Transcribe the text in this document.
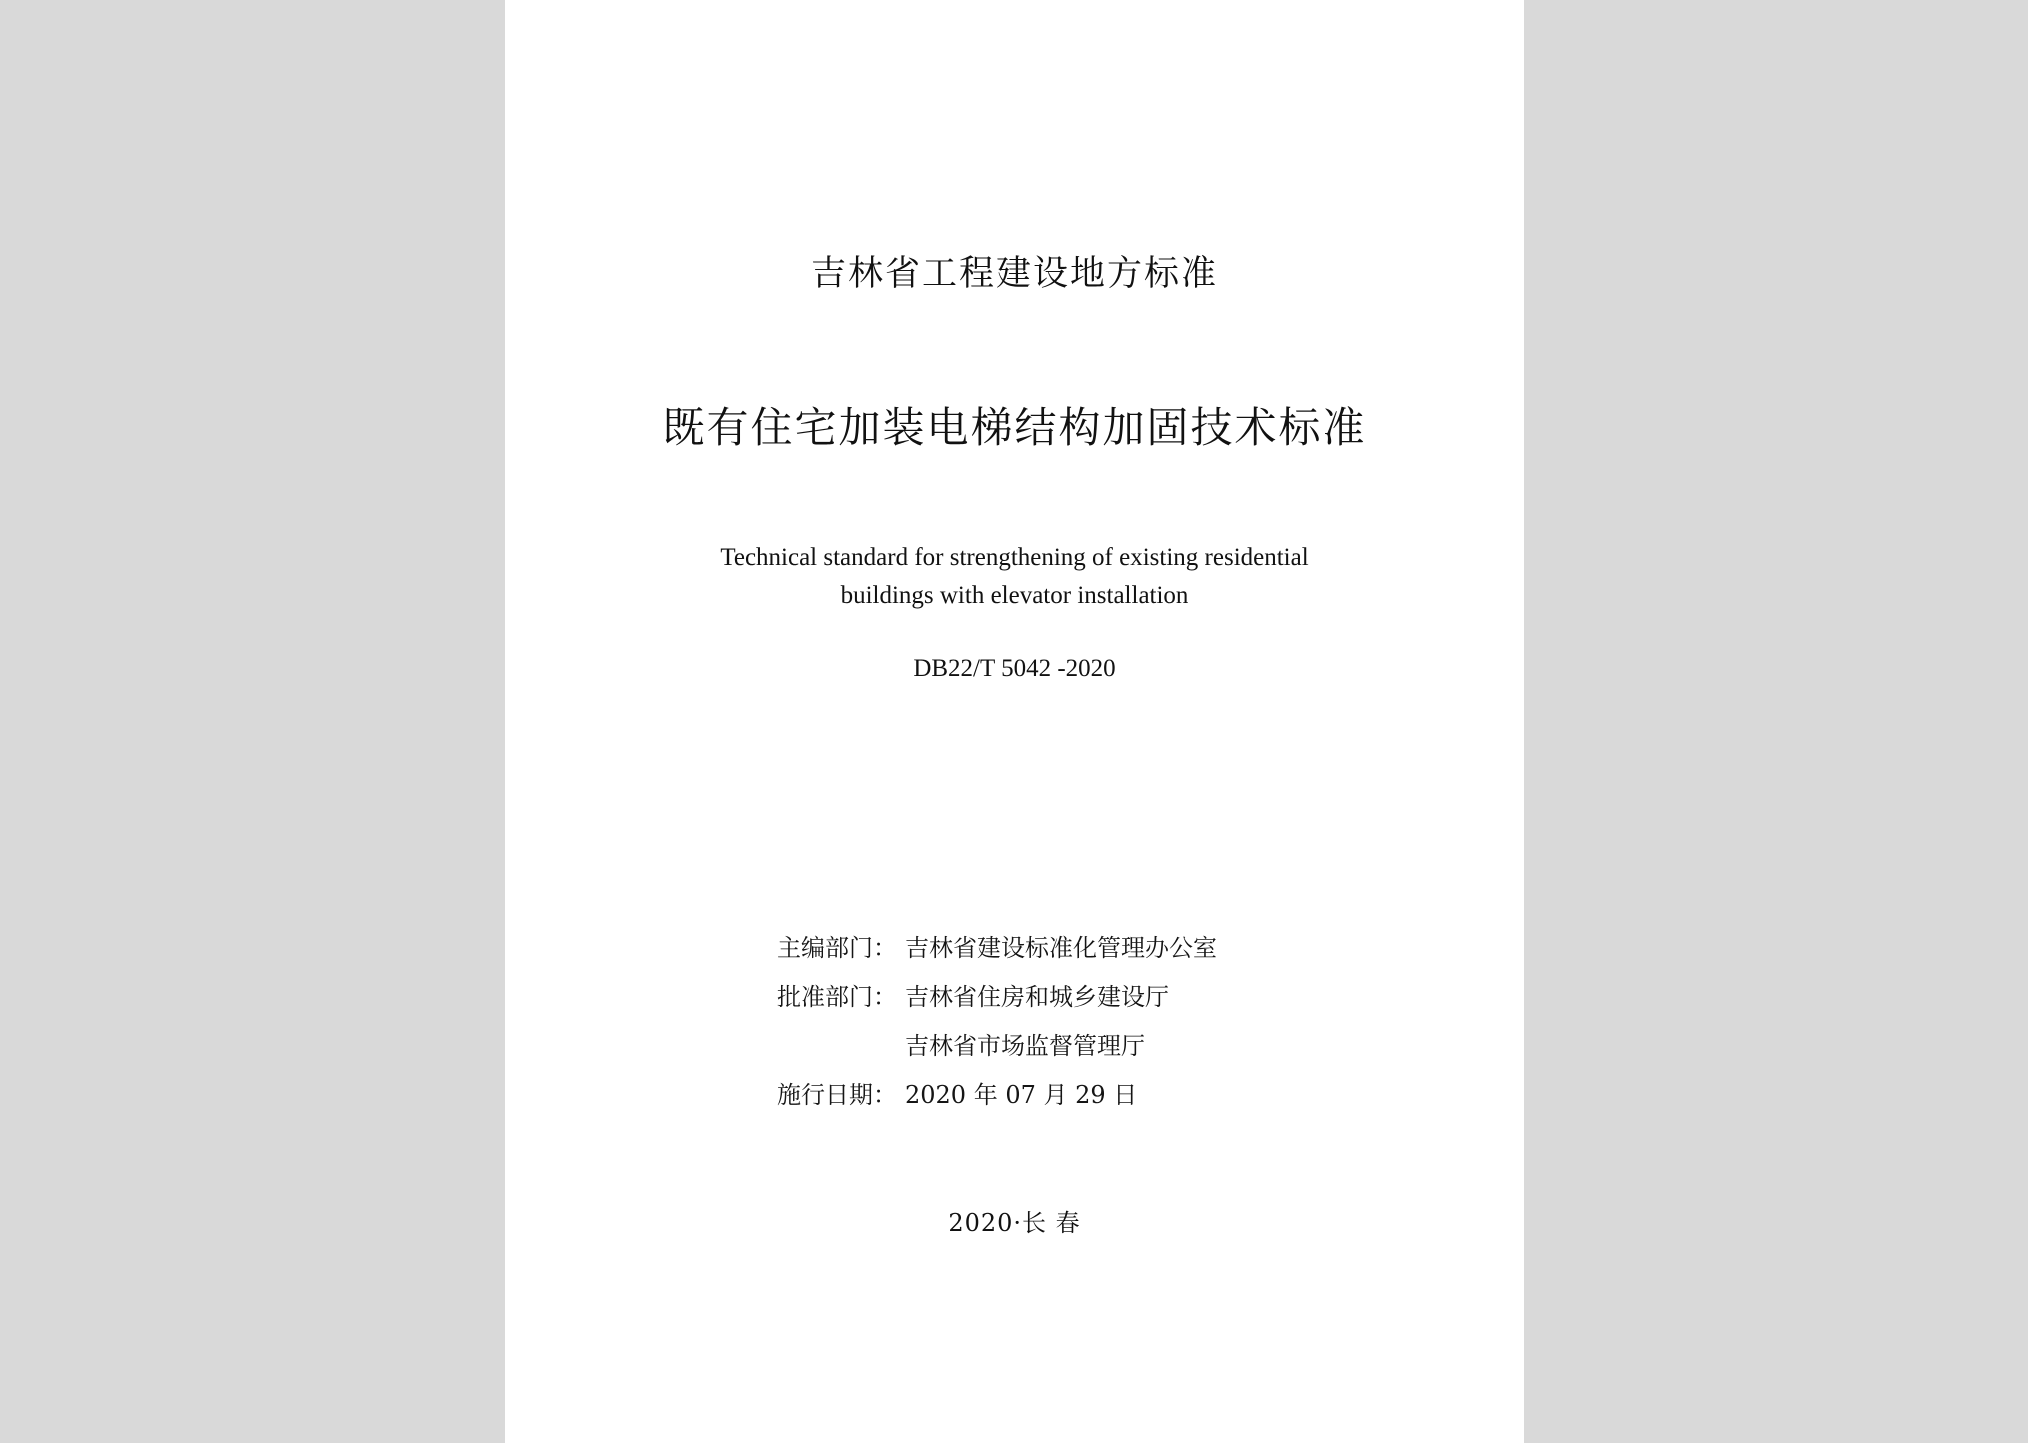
吉林省工程建设地方标准
既有住宅加装电梯结构加固技术标准
Technical standard for strengthening of existing residential
buildings with elevator installation
DB22/T 5042 -2020
主编部门： 吉林省建设标准化管理办公室
批准部门： 吉林省住房和城乡建设厅
吉林省市场监督管理厅
施行日期： 2020 年 07 月 29 日
2020·长 春
